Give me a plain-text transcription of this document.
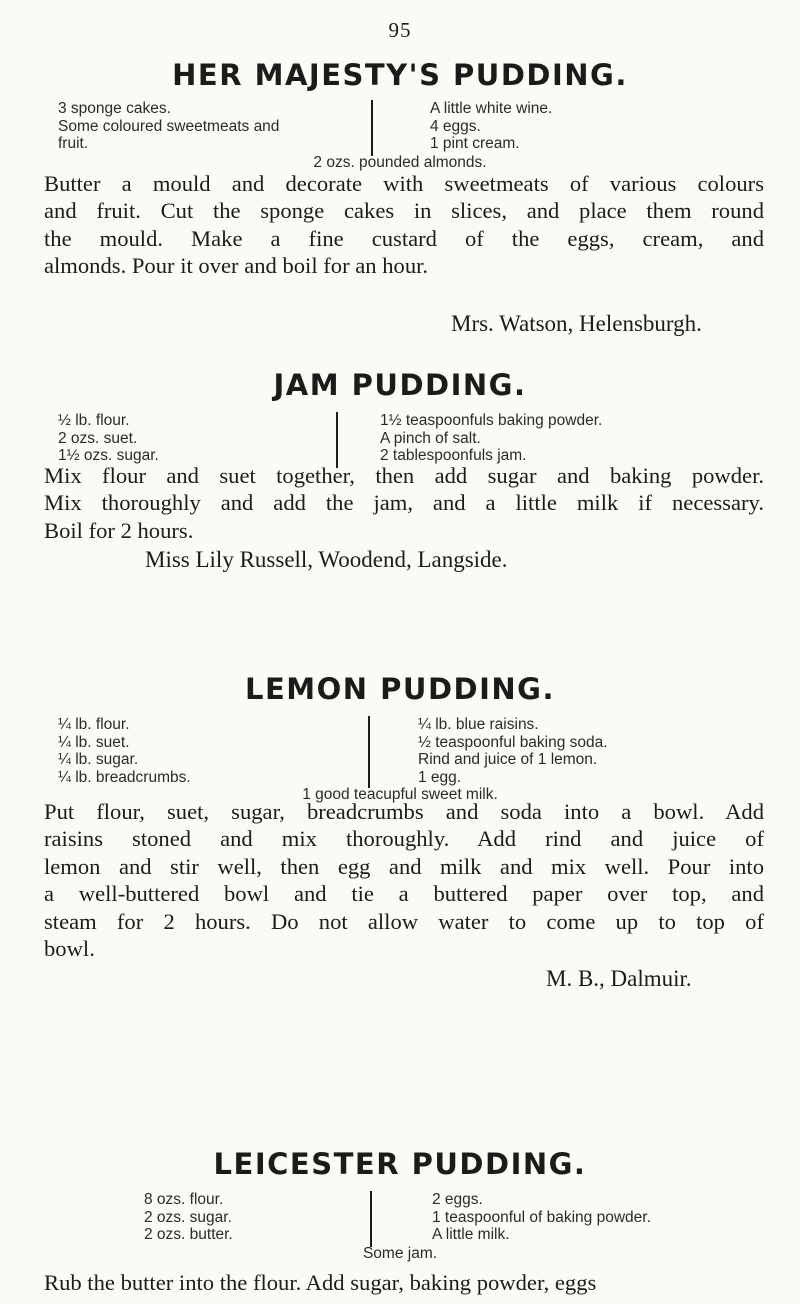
95
HER MAJESTY'S PUDDING.
3 sponge cakes.
Some coloured sweetmeats and
fruit.
A little white wine.
4 eggs.
1 pint cream.
2 ozs. pounded almonds.
Butter a mould and decorate with sweetmeats of various colours
and fruit. Cut the sponge cakes in slices, and place them round
the mould. Make a fine custard of the eggs, cream, and
almonds. Pour it over and boil for an hour.
Mrs. Watson, Helensburgh.
JAM PUDDING.
½ lb. flour.
2 ozs. suet.
1½ ozs. sugar.
1½ teaspoonfuls baking powder.
A pinch of salt.
2 tablespoonfuls jam.
Mix flour and suet together, then add sugar and baking powder.
Mix thoroughly and add the jam, and a little milk if necessary.
Boil for 2 hours.
Miss Lily Russell, Woodend, Langside.
LEMON PUDDING.
¼ lb. flour.
¼ lb. suet.
¼ lb. sugar.
¼ lb. breadcrumbs.
¼ lb. blue raisins.
½ teaspoonful baking soda.
Rind and juice of 1 lemon.
1 egg.
1 good teacupful sweet milk.
Put flour, suet, sugar, breadcrumbs and soda into a bowl. Add
raisins stoned and mix thoroughly. Add rind and juice of
lemon and stir well, then egg and milk and mix well. Pour into
a well-buttered bowl and tie a buttered paper over top, and
steam for 2 hours. Do not allow water to come up to top of
bowl.
M. B., Dalmuir.
LEICESTER PUDDING.
8 ozs. flour.
2 ozs. sugar.
2 ozs. butter.
2 eggs.
1 teaspoonful of baking powder.
A little milk.
Some jam.
Rub the butter into the flour. Add sugar, baking powder, eggs
